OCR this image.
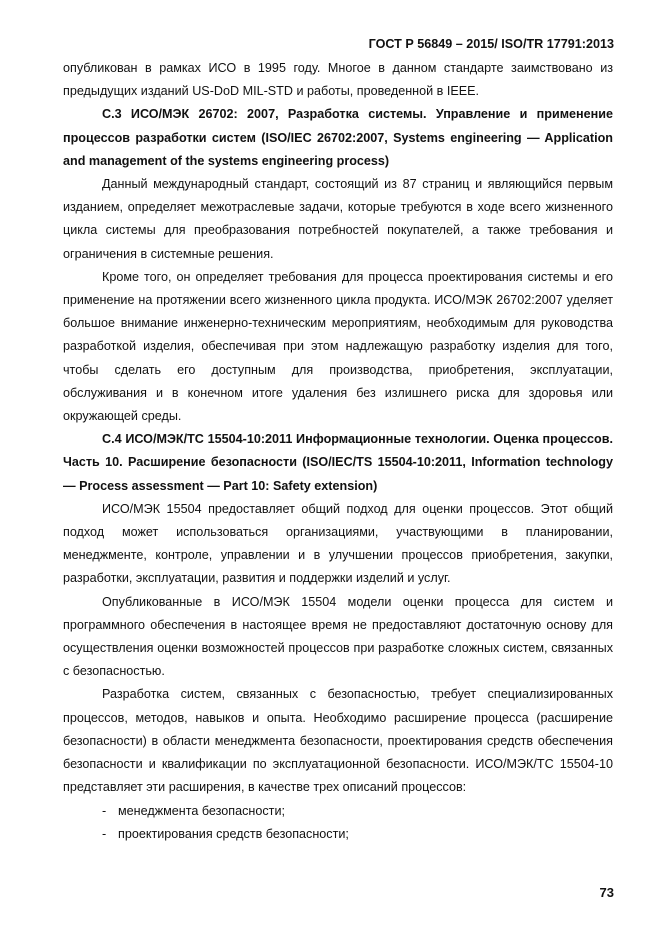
ГОСТ Р 56849 – 2015/ ISO/TR 17791:2013

опубликован в рамках ИСО в 1995 году. Многое в данном стандарте заимствовано из предыдущих изданий US-DoD MIL-STD и работы, проведенной в IEEE.

С.3 ИСО/МЭК 26702: 2007, Разработка системы. Управление и применение процессов разработки систем (ISO/IEC 26702:2007, Systems engineering — Application and management of the systems engineering process)

Данный международный стандарт, состоящий из 87 страниц и являющийся первым изданием, определяет межотраслевые задачи, которые требуются в ходе всего жизненного цикла системы для преобразования потребностей покупателей, а также требования и ограничения в системные решения.

Кроме того, он определяет требования для процесса проектирования системы и его применение на протяжении всего жизненного цикла продукта. ИСО/МЭК 26702:2007 уделяет большое внимание инженерно-техническим мероприятиям, необходимым для руководства разработкой изделия, обеспечивая при этом надлежащую разработку изделия для того, чтобы сделать его доступным для производства, приобретения, эксплуатации, обслуживания и в конечном итоге удаления без излишнего риска для здоровья или окружающей среды.

С.4 ИСО/МЭК/ТС 15504-10:2011 Информационные технологии. Оценка процессов. Часть 10. Расширение безопасности (ISO/IEC/TS 15504-10:2011, Information technology — Process assessment — Part 10: Safety extension)

ИСО/МЭК 15504 предоставляет общий подход для оценки процессов. Этот общий подход может использоваться организациями, участвующими в планировании, менеджменте, контроле, управлении и в улучшении процессов приобретения, закупки, разработки, эксплуатации, развития и поддержки изделий и услуг.

Опубликованные в ИСО/МЭК 15504 модели оценки процесса для систем и программного обеспечения в настоящее время не предоставляют достаточную основу для осуществления оценки возможностей процессов при разработке сложных систем, связанных с безопасностью.

Разработка систем, связанных с безопасностью, требует специализированных процессов, методов, навыков и опыта. Необходимо расширение процесса (расширение безопасности) в области менеджмента безопасности, проектирования средств обеспечения безопасности и квалификации по эксплуатационной безопасности. ИСО/МЭК/ТС 15504-10 представляет эти расширения, в качестве трех описаний процессов:

- менеджмента безопасности;
- проектирования средств безопасности;
73
